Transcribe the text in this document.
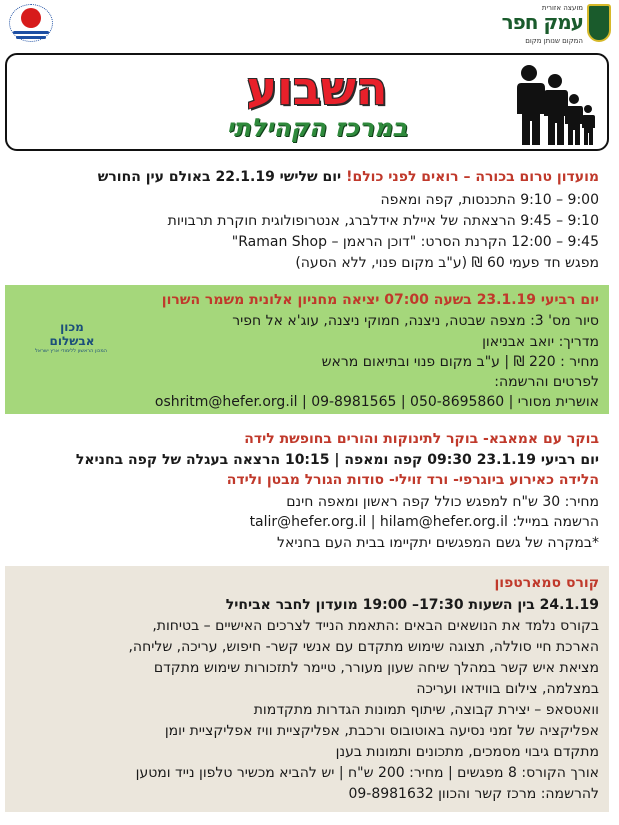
מועצה אזורית
עמק חפר
המקום שנותן מקום
השבוע
במרכז הקהילתי
מועדון טרום בכורה – רואים לפני כולם! יום שלישי 22.1.19 באולם עין החורש
9:00 – 9:10 התכנסות, קפה ומאפה
9:10 – 9:45 הרצאתה של איילת אידלברג, אנטרופולוגית חוקרת תרבויות
9:45 – 12:00 הקרנת הסרט: "דוכן הראמן – Raman Shop"
מפגש חד פעמי 60 ₪ (ע"ב מקום פנוי, ללא הסעה)
יום רביעי 23.1.19 בשעה 07:00 יציאה מחניון אלונית משמר השרון
סיור מס' 3: מצפה שבטה, ניצנה, חמוקי ניצנה, עוג'א אל חפיר
מדריך: יואב אבניאון
מחיר : 220 ₪ | ע"ב מקום פנוי ובתיאום מראש
לפרטים והרשמה:
אושרית מסורי | 050-8695860 | 09-8981565 | oshritm@hefer.org.il
מכון אבשלום
המכון הראשון ללימודי ארץ ישראל
בוקר עם אמאבא- בוקר לתינוקות והורים בחופשת לידה
יום רביעי 23.1.19 09:30 קפה ומאפה | 10:15 הרצאה בעגלה של קפה בחניאל
הלידה כאירוע ביוגרפי- ורד זוילי- סודות הגורל מבטן ולידה
מחיר: 30 ש"ח למפגש כולל קפה ראשון ומאפה חינם
הרשמה במייל: talir@hefer.org.il | hilam@hefer.org.il
*במקרה של גשם המפגשים יתקיימו בבית העם בחניאל
קורס סמארטפון
24.1.19 בין השעות 17:30– 19:00 מועדון לחבר אביחיל
בקורס נלמד את הנושאים הבאים :התאמת הנייד לצרכים האישיים – בטיחות,
הארכת חיי סוללה, תצוגה שימוש מתקדם עם אנשי קשר- חיפוש, עריכה, שליחה,
מציאת איש קשר במהלך שיחה שעון מעורר, טיימר לתזכורות שימוש מתקדם
במצלמה, צילום בווידאו ועריכה
וואטסאפ – יצירת קבוצה, שיתוף תמונות הגדרות מתקדמות
אפליקציה של זמני נסיעה באוטובוס ורכבת, אפליקציית וויז אפליקציית יומן
מתקדם גיבוי מסמכים, מתכונים ותמונות בענן
אורך הקורס: 8 מפגשים | מחיר: 200 ש"ח | יש להביא מכשיר טלפון נייד ומטען
להרשמה: מרכז קשר והכוון 09-8981632
